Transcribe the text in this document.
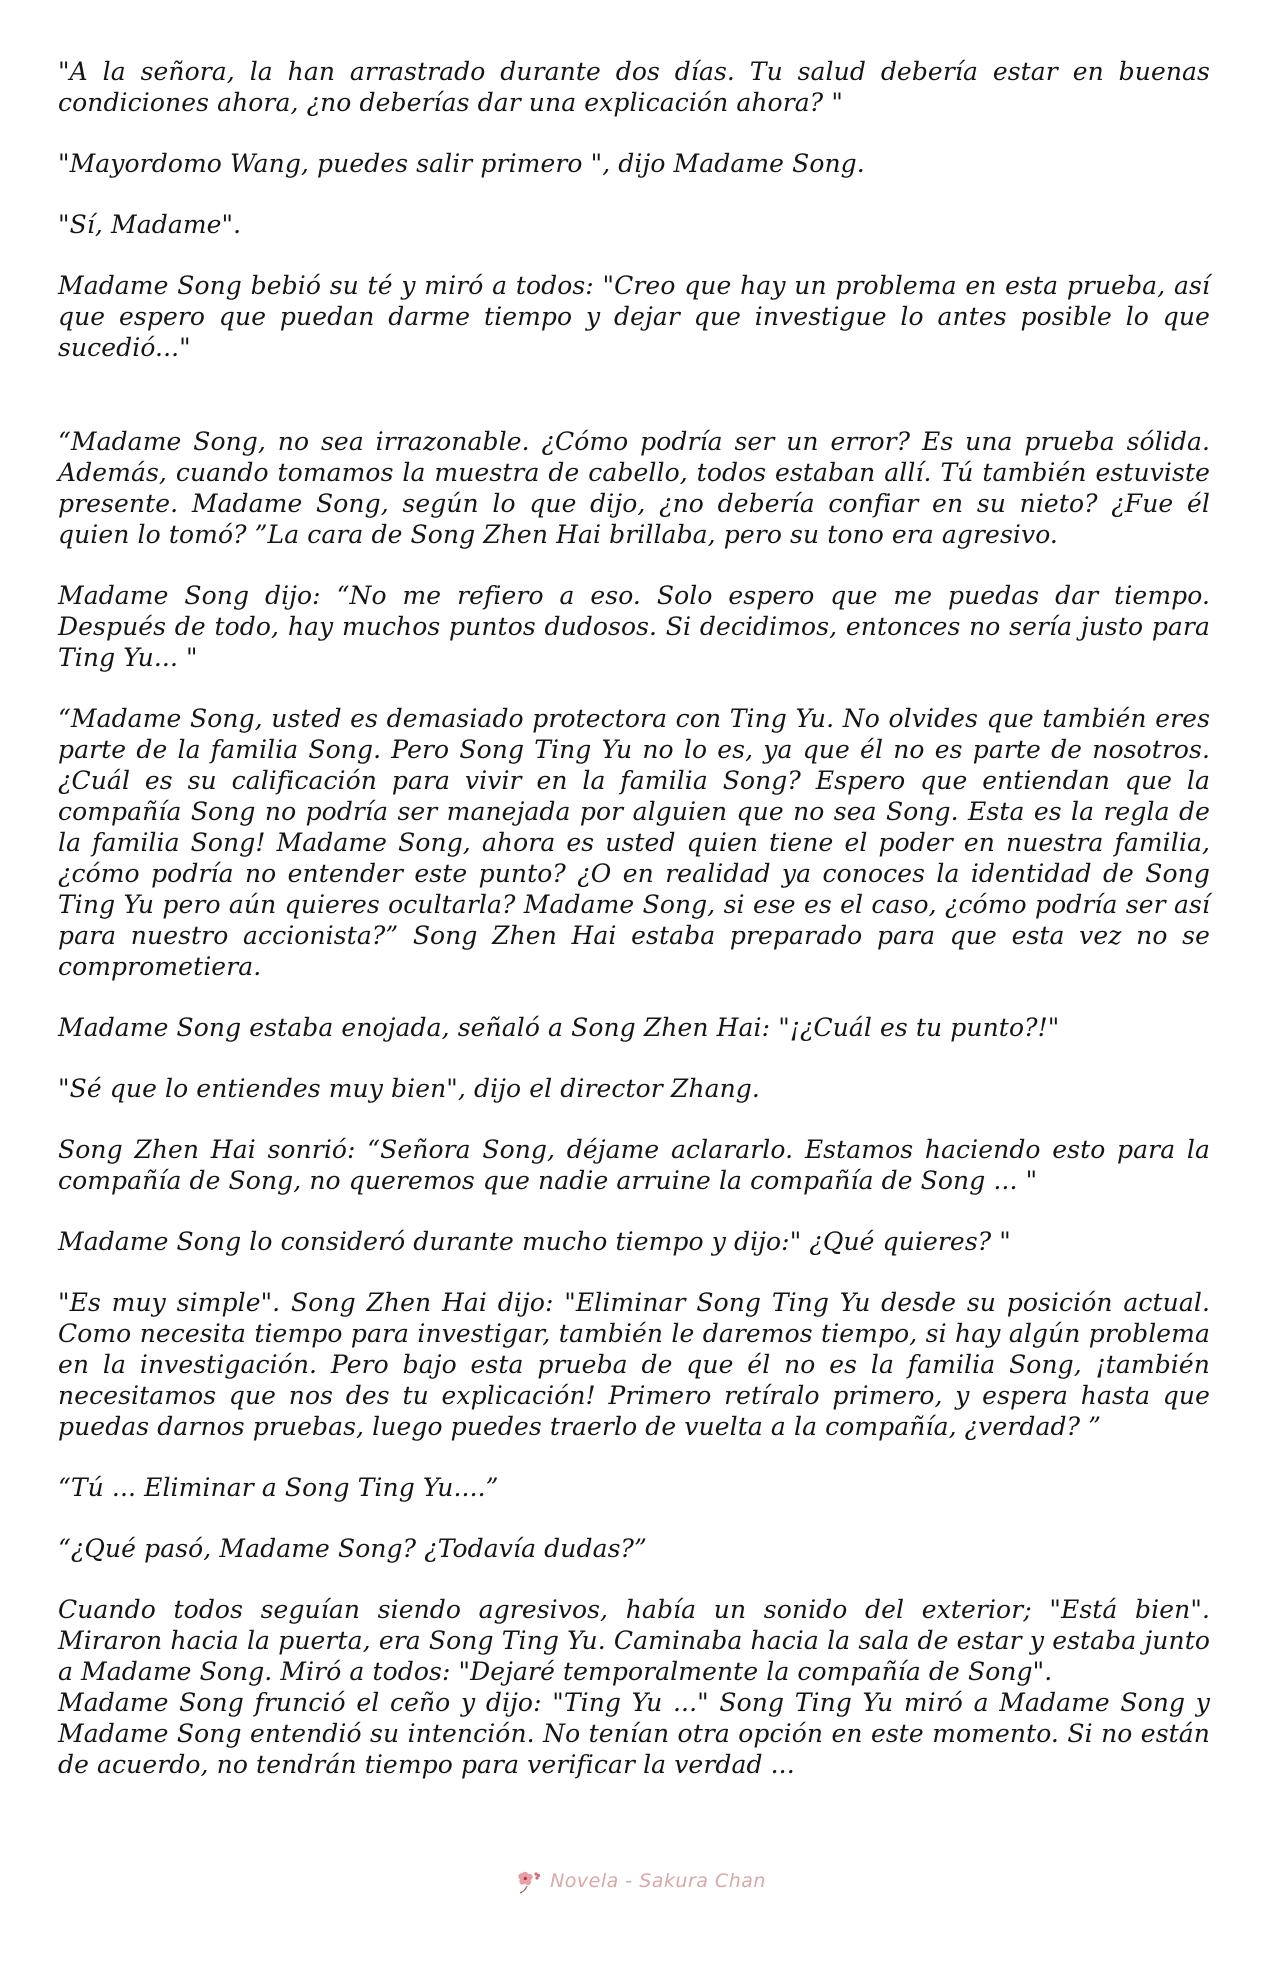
"A la señora, la han arrastrado durante dos días. Tu salud debería estar en buenas condiciones ahora, ¿no deberías dar una explicación ahora? "

"Mayordomo Wang, puedes salir primero ", dijo Madame Song.

"Sí, Madame".

Madame Song bebió su té y miró a todos: "Creo que hay un problema en esta prueba, así que espero que puedan darme tiempo y dejar que investigue lo antes posible lo que sucedió..."

“Madame Song, no sea irrazonable. ¿Cómo podría ser un error? Es una prueba sólida. Además, cuando tomamos la muestra de cabello, todos estaban allí. Tú también estuviste presente. Madame Song, según lo que dijo, ¿no debería confiar en su nieto? ¿Fue él quien lo tomó? ”La cara de Song Zhen Hai brillaba, pero su tono era agresivo.

Madame Song dijo: “No me refiero a eso. Solo espero que me puedas dar tiempo. Después de todo, hay muchos puntos dudosos. Si decidimos, entonces no sería justo para Ting Yu... "

“Madame Song, usted es demasiado protectora con Ting Yu. No olvides que también eres parte de la familia Song. Pero Song Ting Yu no lo es, ya que él no es parte de nosotros. ¿Cuál es su calificación para vivir en la familia Song? Espero que entiendan que la compañía Song no podría ser manejada por alguien que no sea Song. Esta es la regla de la familia Song! Madame Song, ahora es usted quien tiene el poder en nuestra familia, ¿cómo podría no entender este punto? ¿O en realidad ya conoces la identidad de Song Ting Yu pero aún quieres ocultarla? Madame Song, si ese es el caso, ¿cómo podría ser así para nuestro accionista?” Song Zhen Hai estaba preparado para que esta vez no se comprometiera.

Madame Song estaba enojada, señaló a Song Zhen Hai: "¡¿Cuál es tu punto?!"

"Sé que lo entiendes muy bien", dijo el director Zhang.

Song Zhen Hai sonrió: “Señora Song, déjame aclararlo. Estamos haciendo esto para la compañía de Song, no queremos que nadie arruine la compañía de Song ... "

Madame Song lo consideró durante mucho tiempo y dijo:" ¿Qué quieres? "

"Es muy simple". Song Zhen Hai dijo: "Eliminar Song Ting Yu desde su posición actual. Como necesita tiempo para investigar, también le daremos tiempo, si hay algún problema en la investigación. Pero bajo esta prueba de que él no es la familia Song, ¡también necesitamos que nos des tu explicación! Primero retíralo primero, y espera hasta que puedas darnos pruebas, luego puedes traerlo de vuelta a la compañía, ¿verdad? ”

“Tú ... Eliminar a Song Ting Yu....”

“¿Qué pasó, Madame Song? ¿Todavía dudas?”

Cuando todos seguían siendo agresivos, había un sonido del exterior; "Está bien". Miraron hacia la puerta, era Song Ting Yu. Caminaba hacia la sala de estar y estaba junto a Madame Song. Miró a todos: "Dejaré temporalmente la compañía de Song".

Madame Song frunció el ceño y dijo: "Ting Yu ..." Song Ting Yu miró a Madame Song y Madame Song entendió su intención. No tenían otra opción en este momento. Si no están de acuerdo, no tendrán tiempo para verificar la verdad ...

Novela - Sakura Chan
